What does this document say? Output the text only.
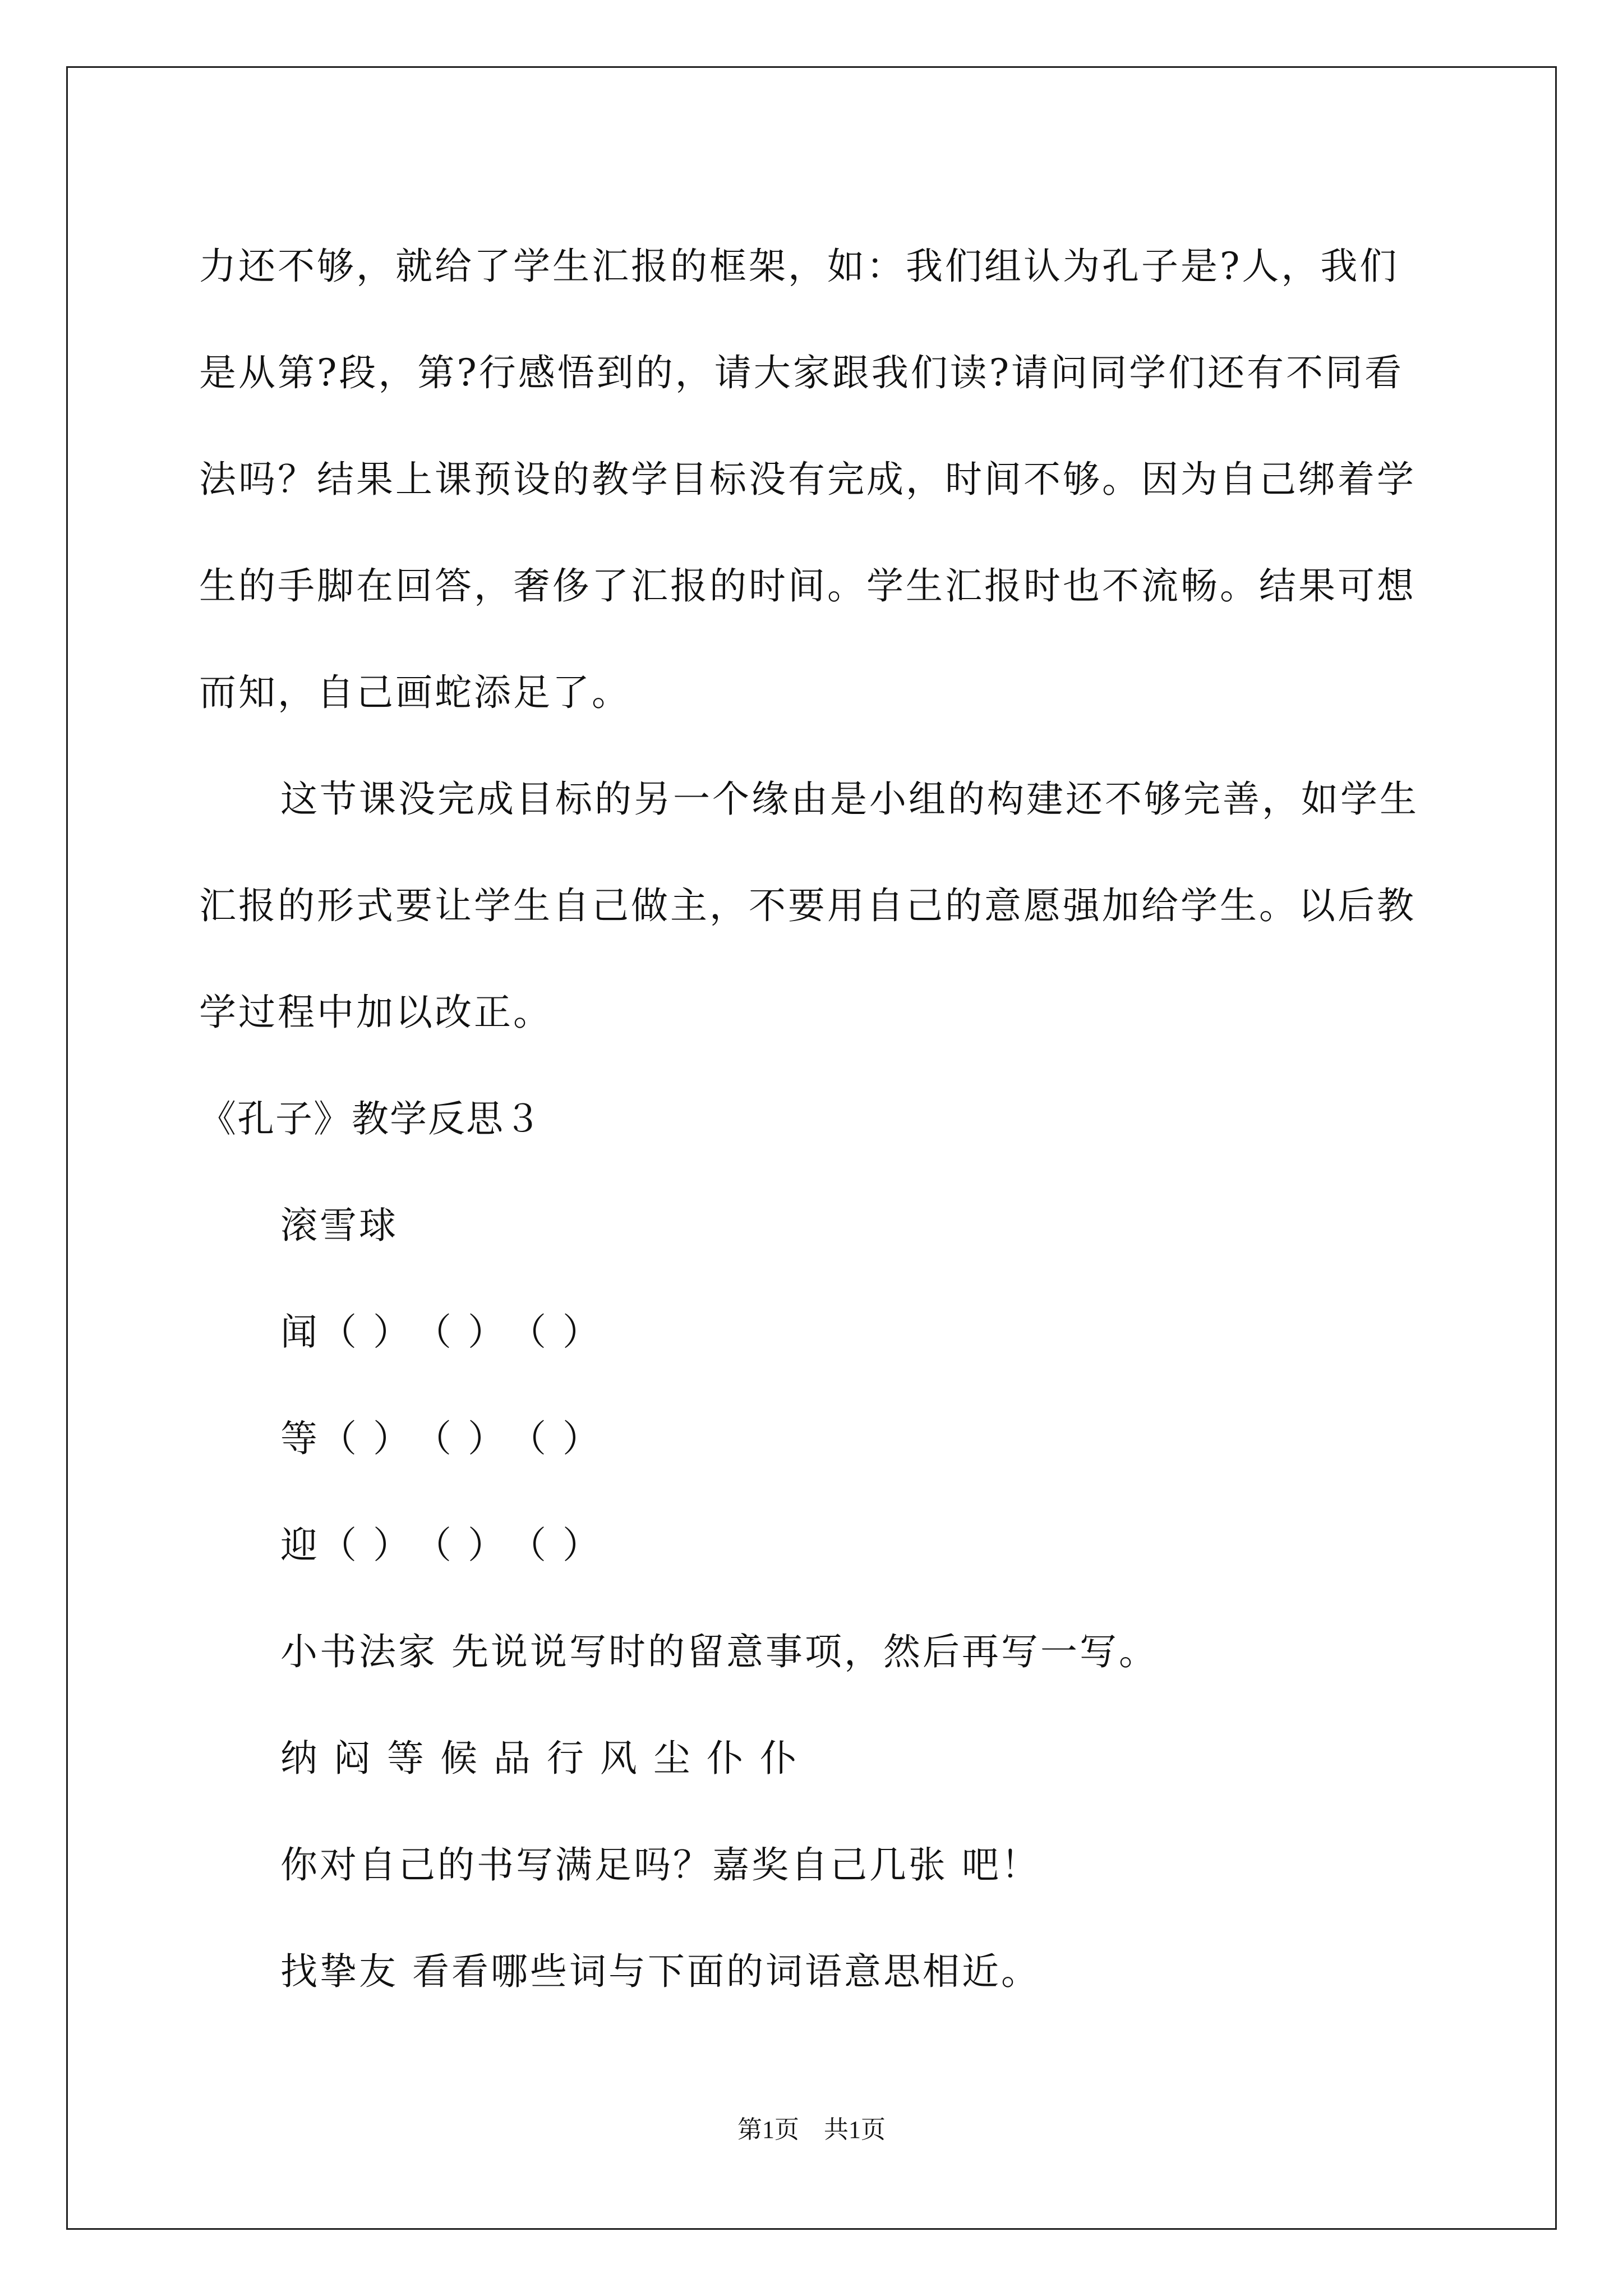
力还不够，就给了学生汇报的框架，如：我们组认为孔子是?人，我们是从第?段，第?行感悟到的，请大家跟我们读?请问同学们还有不同看法吗？结果上课预设的教学目标没有完成，时间不够。因为自己绑着学生的手脚在回答，奢侈了汇报的时间。学生汇报时也不流畅。结果可想而知，自己画蛇添足了。

这节课没完成目标的另一个缘由是小组的构建还不够完善，如学生汇报的形式要让学生自己做主，不要用自己的意愿强加给学生。以后教学过程中加以改正。

《孔子》教学反思３

滚雪球

闻（ ）　（ ）　（ ）

等（ ）　（ ）　（ ）

迎（ ）　（ ）　（ ）

小书法家 先说说写时的留意事项，然后再写一写。

纳 闷 等 候 品 行 风 尘 仆 仆

你对自己的书写满足吗？嘉奖自己几张 吧！

找挚友 看看哪些词与下面的词语意思相近。

第1页　共1页
